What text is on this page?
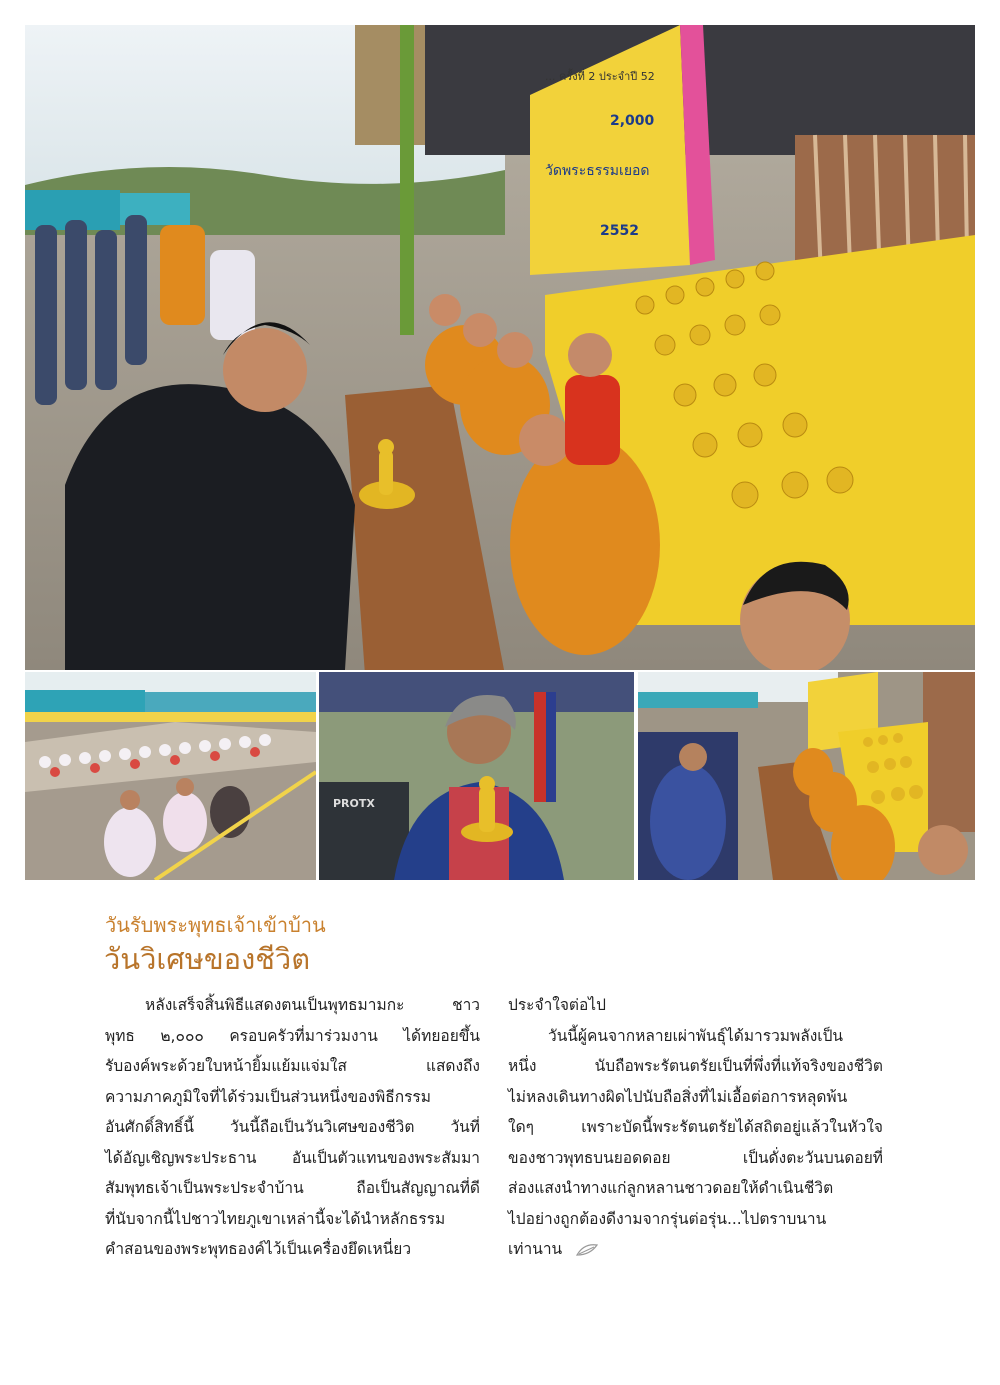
... ครั้งที่ 2 ประจำปี 52
2,000
วัดพระธรรมเยอด
2552
PROTX
วันรับพระพุทธเจ้าเข้าบ้าน
วันวิเศษของชีวิต

หลังเสร็จสิ้นพิธีแสดงตนเป็นพุทธมามกะ ชาว

พุทธ ๒,๐๐๐ ครอบครัวที่มาร่วมงาน ได้ทยอยขึ้น

รับองค์พระด้วยใบหน้ายิ้มแย้มแจ่มใส แสดงถึง

ความภาคภูมิใจที่ได้ร่วมเป็นส่วนหนึ่งของพิธีกรรม

อันศักดิ์สิทธิ์นี้ วันนี้ถือเป็นวันวิเศษของชีวิต วันที่

ได้อัญเชิญพระประธาน อันเป็นตัวแทนของพระสัมมา

สัมพุทธเจ้าเป็นพระประจำบ้าน ถือเป็นสัญญาณที่ดี

ที่นับจากนี้ไปชาวไทยภูเขาเหล่านี้จะได้นำหลักธรรม

คำสอนของพระพุทธองค์ไว้เป็นเครื่องยึดเหนี่ยว

ประจำใจต่อไป

วันนี้ผู้คนจากหลายเผ่าพันธุ์ได้มารวมพลังเป็น

หนึ่ง นับถือพระรัตนตรัยเป็นที่พึ่งที่แท้จริงของชีวิต

ไม่หลงเดินทางผิดไปนับถือสิ่งที่ไม่เอื้อต่อการหลุดพ้น

ใดๆ เพราะบัดนี้พระรัตนตรัยได้สถิตอยู่แล้วในหัวใจ

ของชาวพุทธบนยอดดอย เป็นดั่งตะวันบนดอยที่

ส่องแสงนำทางแก่ลูกหลานชาวดอยให้ดำเนินชีวิต

ไปอย่างถูกต้องดีงามจากรุ่นต่อรุ่น...ไปตราบนาน

เท่านาน
